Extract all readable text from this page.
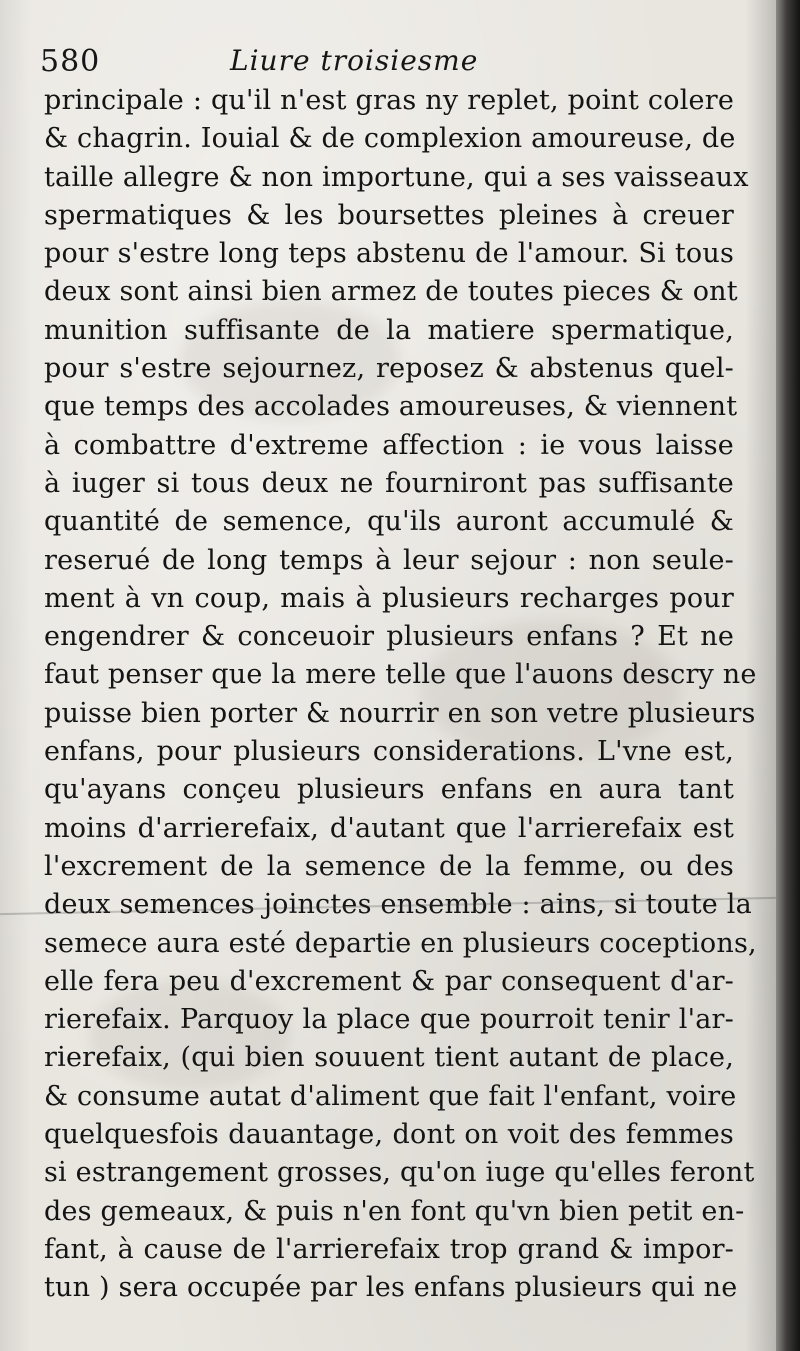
580	Liure troisiesme
principale : qu'il n'est gras ny replet, point colere
& chagrin. Iouial & de complexion amoureuse, de
taille allegre & non importune, qui a ses vaisseaux
spermatiques & les boursettes pleines à creuer
pour s'estre long teps abstenu de l'amour. Si tous
deux sont ainsi bien armez de toutes pieces & ont
munition suffisante de la matiere spermatique,
pour s'estre sejournez, reposez & abstenus quel-
que temps des accolades amoureuses, & viennent
à combattre d'extreme affection : ie vous laisse
à iuger si tous deux ne fourniront pas suffisante
quantité de semence, qu'ils auront accumulé &
reserué de long temps à leur sejour : non seule-
ment à vn coup, mais à plusieurs recharges pour
engendrer & conceuoir plusieurs enfans ? Et ne
faut penser que la mere telle que l'auons descry ne
puisse bien porter & nourrir en son vetre plusieurs
enfans, pour plusieurs considerations. L'vne est,
qu'ayans conçeu plusieurs enfans en aura tant
moins d'arrierefaix, d'autant que l'arrierefaix est
l'excrement de la semence de la femme, ou des
deux semences joinctes ensemble : ains, si toute la
semece aura esté departie en plusieurs coceptions,
elle fera peu d'excrement & par consequent d'ar-
rierefaix. Parquoy la place que pourroit tenir l'ar-
rierefaix, (qui bien souuent tient autant de place,
& consume autat d'aliment que fait l'enfant, voire
quelquesfois dauantage, dont on voit des femmes
si estrangement grosses, qu'on iuge qu'elles feront
des gemeaux, & puis n'en font qu'vn bien petit en-
fant, à cause de l'arrierefaix trop grand & impor-
tun ) sera occupée par les enfans plusieurs qui ne
